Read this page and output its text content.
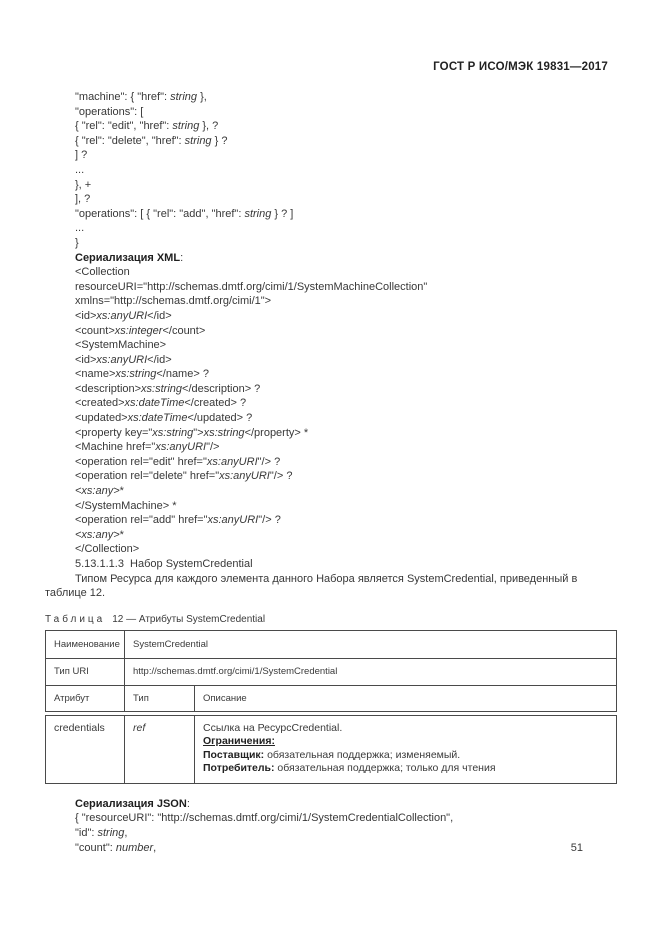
ГОСТ Р ИСО/МЭК 19831—2017
"machine": { "href": string },
"operations": [
{ "rel": "edit", "href": string }, ?
{ "rel": "delete", "href": string } ?
] ?
...
}, +
], ?
"operations": [ { "rel": "add", "href": string } ? ]
...
}
Сериализация XML:
<Collection
resourceURI="http://schemas.dmtf.org/cimi/1/SystemMachineCollection"
xmlns="http://schemas.dmtf.org/cimi/1">
<id>xs:anyURI</id>
<count>xs:integer</count>
<SystemMachine>
<id>xs:anyURI</id>
<name>xs:string</name> ?
<description>xs:string</description> ?
<created>xs:dateTime</created> ?
<updated>xs:dateTime</updated> ?
<property key="xs:string">xs:string</property> *
<Machine href="xs:anyURI"/>
<operation rel="edit" href="xs:anyURI"/> ?
<operation rel="delete" href="xs:anyURI"/> ?
<xs:any>*
</SystemMachine> *
<operation rel="add" href="xs:anyURI"/> ?
<xs:any>*
</Collection>
5.13.1.1.3  Набор SystemCredential
Типом Ресурса для каждого элемента данного Набора является SystemCredential, приведенный в таблице 12.
Таблица 12 — Атрибуты SystemCredential
Наименование	SystemCredential
Тип URI	http://schemas.dmtf.org/cimi/1/SystemCredential
Атрибут	Тип	Описание
credentials	ref	Ссылка на РесурсCredential.
Ограничения:
Поставщик: обязательная поддержка; изменяемый.
Потребитель: обязательная поддержка; только для чтения
Сериализация JSON:
{ "resourceURI": "http://schemas.dmtf.org/cimi/1/SystemCredentialCollection",
"id": string,
"count": number,	51
